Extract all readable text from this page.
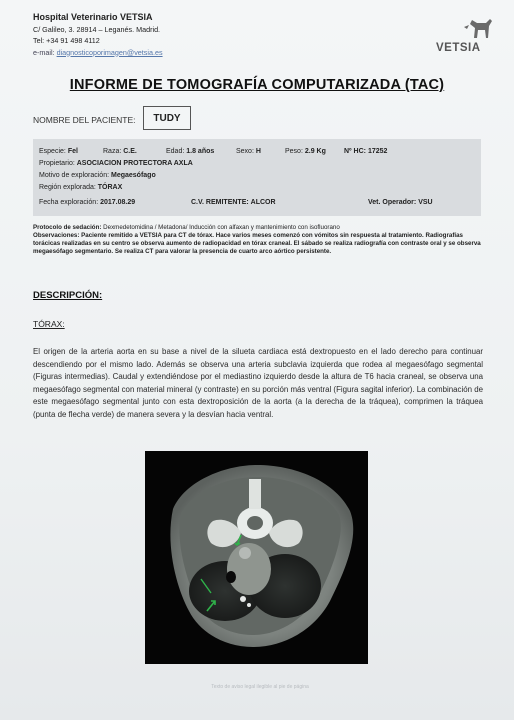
Hospital Veterinario VETSIA
C/ Galileo, 3. 28914 – Leganés. Madrid.
Tel: +34 91 498 4112
e-mail: diagnosticoporimagen@vetsia.es	VETSIA
INFORME DE TOMOGRAFÍA COMPUTARIZADA (TAC)
NOMBRE DEL PACIENTE:	TUDY
Especie: Fel	Raza: C.E.	Edad: 1.8 años	Sexo: H	Peso: 2.9 Kg	Nº HC: 17252
Propietario: ASOCIACION PROTECTORA AXLA
Motivo de exploración: Megaesófago
Región explorada: TÓRAX
Fecha exploración: 2017.08.29	C.V. REMITENTE: ALCOR	Vet. Operador: VSU
Protocolo de sedación: Dexmedetomidina / Metadona/ Inducción con alfaxan y mantenimiento con isofluorano
Observaciones: Paciente remitido a VETSIA para CT de tórax. Hace varios meses comenzó con vómitos sin respuesta al tratamiento. Radiografías torácicas realizadas en su centro se observa aumento de radiopacidad en tórax craneal. El sábado se realiza radiografía con contraste oral y se observa megaesófago segmentario. Se realiza CT para valorar la presencia de cuarto arco aórtico persistente.
DESCRIPCIÓN:
TÓRAX:
El origen de la arteria aorta en su base a nivel de la silueta cardiaca está dextropuesto en el lado derecho para continuar descendiendo por el mismo lado. Además se observa una arteria subclavia izquierda que rodea al megaesófago segmental (Figuras intermedias). Caudal y extendiéndose por el mediastino izquierdo desde la altura de T6 hacia craneal, se observa una megaesófago segmental con material mineral (y contraste) en su porción más ventral (Figura sagital inferior). La combinación de este megaesófago segmental junto con esta dextroposición de la aorta (a la derecha de la tráquea), comprimen la tráquea (punta de flecha verde) de manera severa y la desvían hacia ventral.
Texto de aviso legal ilegible al pie de página
